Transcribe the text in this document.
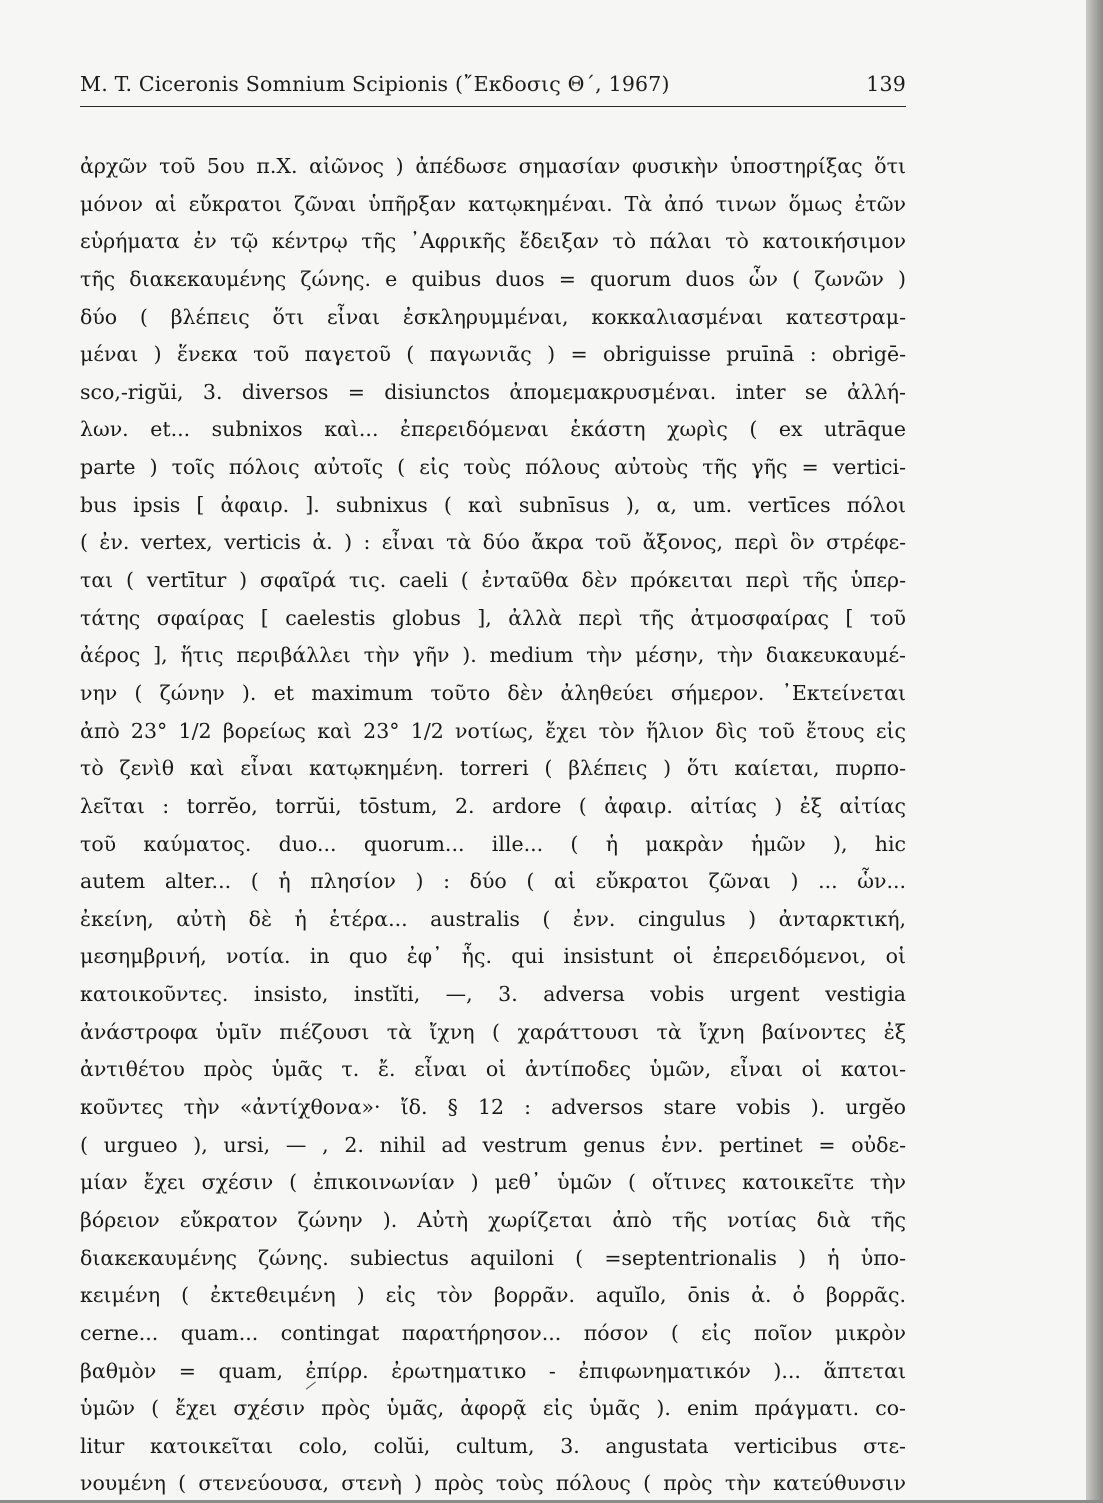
M. T. Ciceronis Somnium Scipionis (῎Εκδοσις Θ΄, 1967)	139
ἀρχῶν τοῦ 5ου π.Χ. αἰῶνος ) ἀπέδωσε σημασίαν φυσικὴν ὑποστηρίξας ὅτι
μόνον αἱ εὔκρατοι ζῶναι ὑπῆρξαν κατῳκημέναι. Τὰ ἀπό τινων ὅμως ἐτῶν
εὑρήματα ἐν τῷ κέντρῳ τῆς ᾿Αφρικῆς ἔδειξαν τὸ πάλαι τὸ κατοικήσιμον
τῆς διακεκαυμένης ζώνης. e quibus duos = quorum duos ὧν ( ζωνῶν )
δύο ( βλέπεις ὅτι εἶναι ἐσκληρυμμέναι, κοκκαλιασμέναι κατεστραμ-
μέναι ) ἕνεκα τοῦ παγετοῦ ( παγωνιᾶς ) = obriguisse pruīnā : obrigē-
sco,-rigŭi, 3. diversos = disiunctos ἀπομεμακρυσμέναι. inter se ἀλλή-
λων. et... subnixos καὶ... ἐπερειδόμεναι ἑκάστη χωρὶς ( ex utrāque
parte ) τοῖς πόλοις αὐτοῖς ( εἰς τοὺς πόλους αὐτοὺς τῆς γῆς = vertici-
bus ipsis [ ἀφαιρ. ]. subnixus ( καὶ subnīsus ), α, um. vertīces πόλοι
( ἐν. vertex, verticis ἀ. ) : εἶναι τὰ δύο ἄκρα τοῦ ἄξονος, περὶ ὃν στρέφε-
ται ( vertītur ) σφαῖρά τις. caeli ( ἐνταῦθα δὲν πρόκειται περὶ τῆς ὑπερ-
τάτης σφαίρας [ caelestis globus ], ἀλλὰ περὶ τῆς ἀτμοσφαίρας [ τοῦ
ἀέρος ], ἥτις περιβάλλει τὴν γῆν ). medium τὴν μέσην, τὴν διακευκαυμέ-
νην ( ζώνην ). et maximum τοῦτο δὲν ἀληθεύει σήμερον. ᾿Εκτείνεται
ἀπὸ 23° 1/2 βορείως καὶ 23° 1/2 νοτίως, ἔχει τὸν ἥλιον δὶς τοῦ ἔτους εἰς
τὸ ζενὶθ καὶ εἶναι κατῳκημένη. torreri ( βλέπεις ) ὅτι καίεται, πυρπο-
λεῖται : torrĕo, torrŭi, tōstum, 2. ardore ( ἀφαιρ. αἰτίας ) ἐξ αἰτίας
τοῦ καύματος. duo... quorum... ille... ( ἡ μακρὰν ἡμῶν ), hic
autem alter... ( ἡ πλησίον ) : δύο ( αἱ εὔκρατοι ζῶναι ) ... ὧν...
ἐκείνη, αὐτὴ δὲ ἡ ἑτέρα... australis ( ἐνν. cingulus ) ἀνταρκτική,
μεσημβρινή, νοτία. in quo ἐφ᾿ ἧς. qui insistunt οἱ ἐπερειδόμενοι, οἱ
κατοικοῦντες. insisto, instĭti, —, 3. adversa vobis urgent vestigia
ἀνάστροφα ὑμῖν πιέζουσι τὰ ἴχνη ( χαράττουσι τὰ ἴχνη βαίνοντες ἐξ
ἀντιθέτου πρὸς ὑμᾶς τ. ἔ. εἶναι οἱ ἀντίποδες ὑμῶν, εἶναι οἱ κατοι-
κοῦντες τὴν «ἀντίχθονα»· ἴδ. § 12 : adversos stare vobis ). urgĕo
( urgueo ), ursi, — , 2. nihil ad vestrum genus ἐνν. pertinet = οὐδε-
μίαν ἔχει σχέσιν ( ἐπικοινωνίαν ) μεθ᾿ ὑμῶν ( οἵτινες κατοικεῖτε τὴν
βόρειον εὔκρατον ζώνην ). Αὐτὴ χωρίζεται ἀπὸ τῆς νοτίας διὰ τῆς
διακεκαυμένης ζώνης. subiectus aquiloni ( =septentrionalis ) ἡ ὑπο-
κειμένη ( ἐκτεθειμένη ) εἰς τὸν βορρᾶν. aquĭlo, ōnis ἀ. ὁ βορρᾶς.
cerne... quam... contingat παρατήρησον... πόσον ( εἰς ποῖον μικρὸν
βαθμὸν = quam, ἐπίρρ. ἐρωτηματικο - ἐπιφωνηματικόν )... ἅπτεται
ὑμῶν ( ἔχει σχέσιν πρὸς ὑμᾶς, ἀφορᾷ εἰς ὑμᾶς ). enim πράγματι. co-
litur κατοικεῖται colo, colŭi, cultum, 3. angustata verticibus στε-
νουμένη ( στενεύουσα, στενὴ ) πρὸς τοὺς πόλους ( πρὸς τὴν κατεύθυνσιν
